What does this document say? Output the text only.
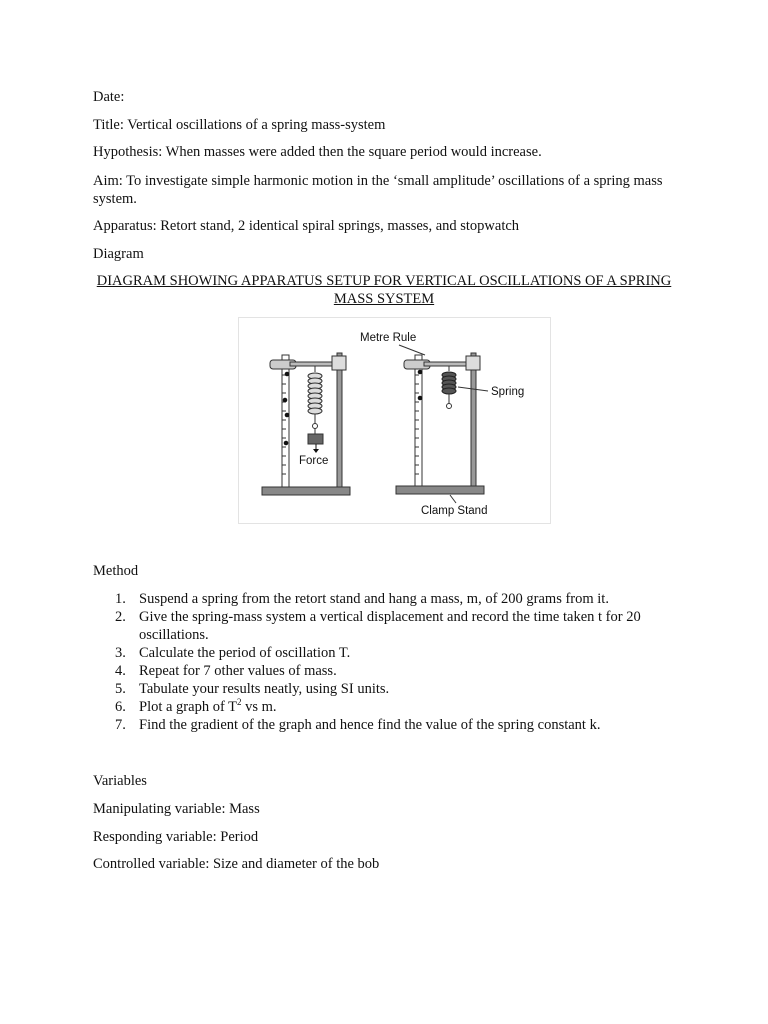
Date:
Title: Vertical oscillations of a spring mass-system
Hypothesis: When masses were added then the square period would increase.
Aim: To investigate simple harmonic motion in the ‘small amplitude’ oscillations of a spring mass system.
Apparatus: Retort stand, 2 identical spiral springs, masses, and stopwatch
Diagram
DIAGRAM SHOWING APPARATUS SETUP FOR VERTICAL OSCILLATIONS OF A SPRING MASS SYSTEM
Force
Metre Rule
Spring
Clamp Stand
Method
1. Suspend a spring from the retort stand and hang a mass, m, of 200 grams from it.
2. Give the spring-mass system a vertical displacement and record the time taken t for 20 oscillations.
3. Calculate the period of oscillation T.
4. Repeat for 7 other values of mass.
5. Tabulate your results neatly, using SI units.
6. Plot a graph of $T^2$ vs m.
7. Find the gradient of the graph and hence find the value of the spring constant k.
Variables
Manipulating variable: Mass
Responding variable: Period
Controlled variable: Size and diameter of the bob
